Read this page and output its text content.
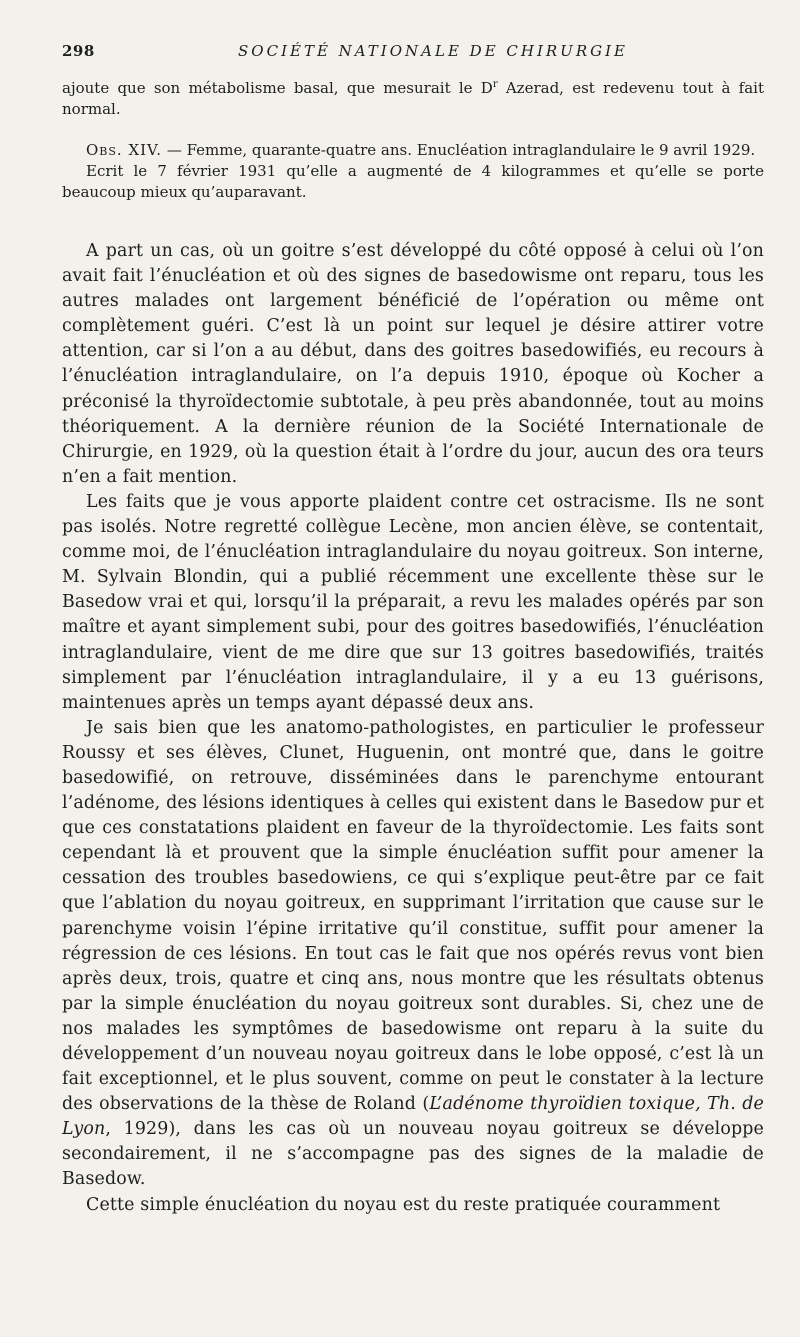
298	SOCIÉTÉ NATIONALE DE CHIRURGIE

ajoute que son métabolisme basal, que mesurait le $D^r$ Azerad, est redevenu tout à fait normal.

Obs. XIV. — Femme, quarante-quatre ans. Enucléation intraglandulaire le 9 avril 1929.

Ecrit le 7 février 1931 qu’elle a augmenté de 4 kilogrammes et qu’elle se porte beaucoup mieux qu’auparavant.

A part un cas, où un goitre s’est développé du côté opposé à celui où l’on avait fait l’énucléation et où des signes de basedowisme ont reparu, tous les autres malades ont largement bénéficié de l’opération ou même ont complètement guéri. C’est là un point sur lequel je désire attirer votre attention, car si l’on a au début, dans des goitres basedowifiés, eu recours à l’énucléation intraglandulaire, on l’a depuis 1910, époque où Kocher a préconisé la thyroïdectomie subtotale, à peu près abandonnée, tout au moins théoriquement. A la dernière réunion de la Société Internationale de Chirurgie, en 1929, où la question était à l’ordre du jour, aucun des ora teurs n’en a fait mention.

Les faits que je vous apporte plaident contre cet ostracisme. Ils ne sont pas isolés. Notre regretté collègue Lecène, mon ancien élève, se contentait, comme moi, de l’énucléation intraglandulaire du noyau goitreux. Son interne, M. Sylvain Blondin, qui a publié récemment une excellente thèse sur le Basedow vrai et qui, lorsqu’il la préparait, a revu les malades opérés par son maître et ayant simplement subi, pour des goitres basedowifiés, l’énucléation intraglandulaire, vient de me dire que sur 13 goitres basedowifiés, traités simplement par l’énucléation intraglandulaire, il y a eu 13 guérisons, maintenues après un temps ayant dépassé deux ans.

Je sais bien que les anatomo-pathologistes, en particulier le professeur Roussy et ses élèves, Clunet, Huguenin, ont montré que, dans le goitre basedowifié, on retrouve, disséminées dans le parenchyme entourant l’adénome, des lésions identiques à celles qui existent dans le Basedow pur et que ces constatations plaident en faveur de la thyroïdectomie. Les faits sont cependant là et prouvent que la simple énucléation suffit pour amener la cessation des troubles basedowiens, ce qui s’explique peut-être par ce fait que l’ablation du noyau goitreux, en supprimant l’irritation que cause sur le parenchyme voisin l’épine irritative qu’il constitue, suffit pour amener la régression de ces lésions. En tout cas le fait que nos opérés revus vont bien après deux, trois, quatre et cinq ans, nous montre que les résultats obtenus par la simple énucléation du noyau goitreux sont durables. Si, chez une de nos malades les symptômes de basedowisme ont reparu à la suite du développement d’un nouveau noyau goitreux dans le lobe opposé, c’est là un fait exceptionnel, et le plus souvent, comme on peut le constater à la lecture des observations de la thèse de Roland (L’adénome thyroïdien toxique, Th. de Lyon, 1929), dans les cas où un nouveau noyau goitreux se développe secondairement, il ne s’accompagne pas des signes de la maladie de Basedow.

Cette simple énucléation du noyau est du reste pratiquée couramment
